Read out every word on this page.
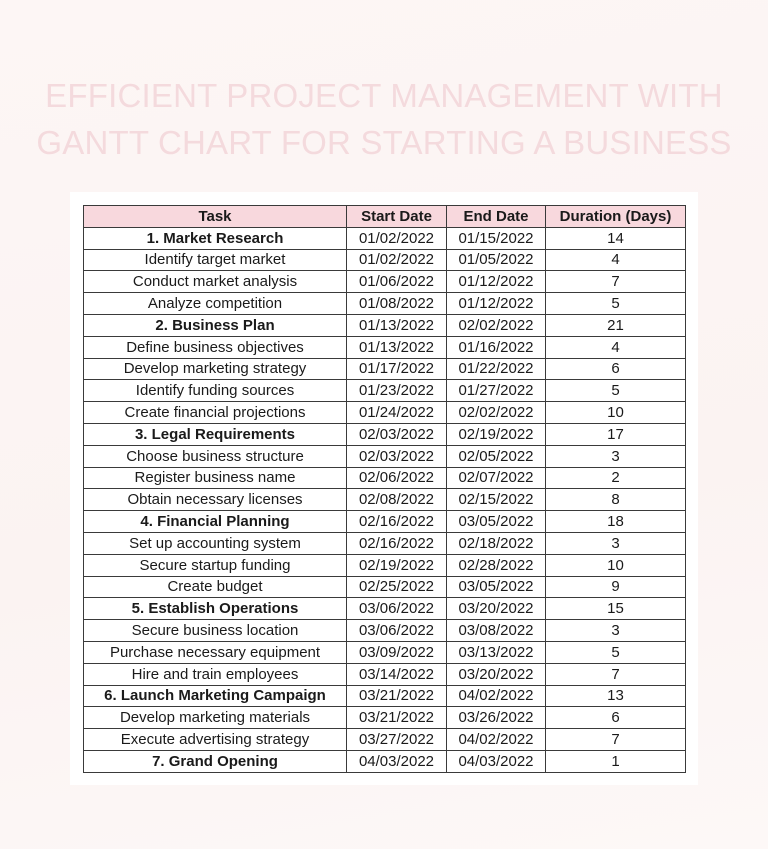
EFFICIENT PROJECT MANAGEMENT WITH
GANTT CHART FOR STARTING A BUSINESS
Task	Start Date	End Date	Duration (Days)
1. Market Research	01/02/2022	01/15/2022	14
Identify target market	01/02/2022	01/05/2022	4
Conduct market analysis	01/06/2022	01/12/2022	7
Analyze competition	01/08/2022	01/12/2022	5
2. Business Plan	01/13/2022	02/02/2022	21
Define business objectives	01/13/2022	01/16/2022	4
Develop marketing strategy	01/17/2022	01/22/2022	6
Identify funding sources	01/23/2022	01/27/2022	5
Create financial projections	01/24/2022	02/02/2022	10
3. Legal Requirements	02/03/2022	02/19/2022	17
Choose business structure	02/03/2022	02/05/2022	3
Register business name	02/06/2022	02/07/2022	2
Obtain necessary licenses	02/08/2022	02/15/2022	8
4. Financial Planning	02/16/2022	03/05/2022	18
Set up accounting system	02/16/2022	02/18/2022	3
Secure startup funding	02/19/2022	02/28/2022	10
Create budget	02/25/2022	03/05/2022	9
5. Establish Operations	03/06/2022	03/20/2022	15
Secure business location	03/06/2022	03/08/2022	3
Purchase necessary equipment	03/09/2022	03/13/2022	5
Hire and train employees	03/14/2022	03/20/2022	7
6. Launch Marketing Campaign	03/21/2022	04/02/2022	13
Develop marketing materials	03/21/2022	03/26/2022	6
Execute advertising strategy	03/27/2022	04/02/2022	7
7. Grand Opening	04/03/2022	04/03/2022	1
